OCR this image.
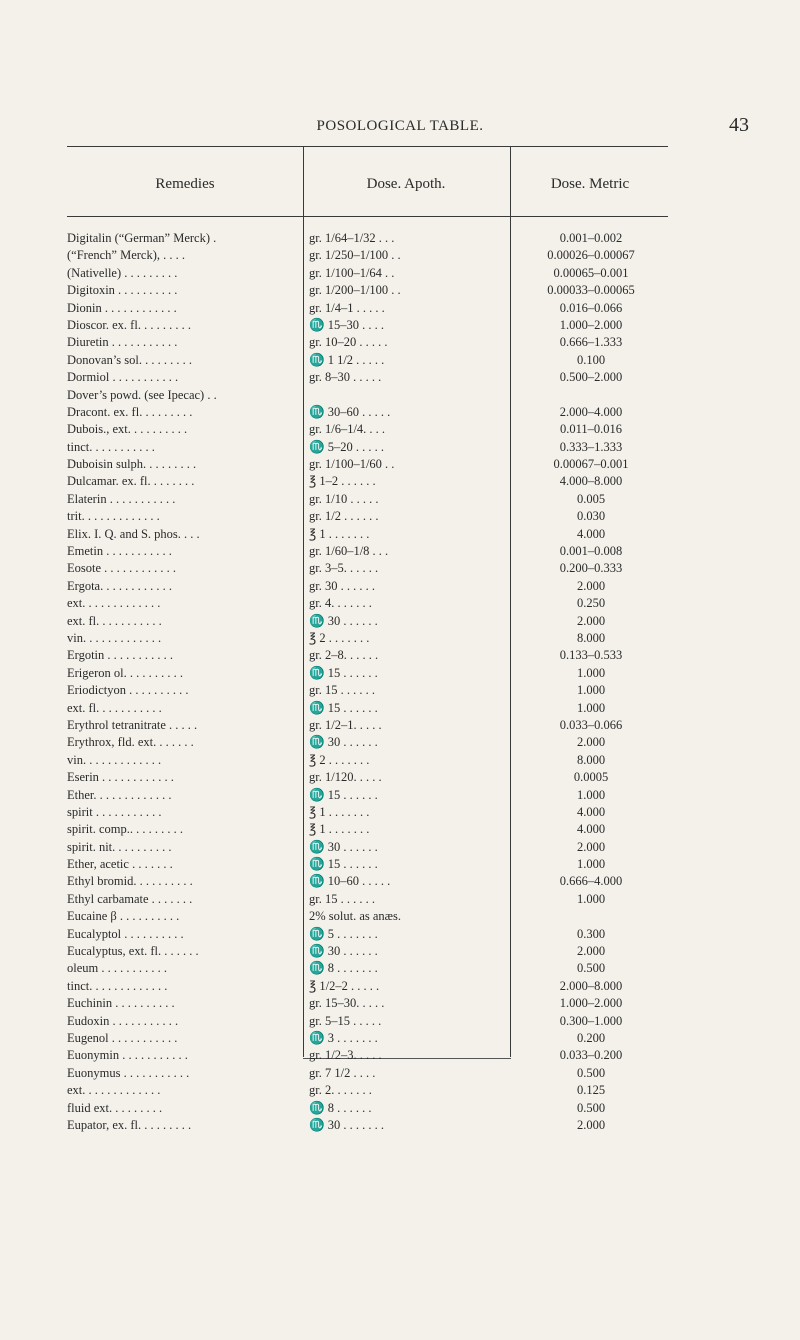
POSOLOGICAL TABLE.	43
Remedies	Dose. Apoth.	Dose. Metric
Digitalin (“German” Merck) .	gr. 1/64–1/32 . . .	0.001–0.002
(“French” Merck), . . . .	gr. 1/250–1/100 . .	0.00026–0.00067
(Nativelle) . . . . . . . . .	gr. 1/100–1/64 . .	0.00065–0.001
Digitoxin . . . . . . . . . .	gr. 1/200–1/100 . .	0.00033–0.00065
Dionin . . . . . . . . . . . .	gr. 1/4–1 . . . . .	0.016–0.066
Dioscor. ex. fl. . . . . . . . .	♏ 15–30 . . . .	1.000–2.000
Diuretin . . . . . . . . . . .	gr. 10–20 . . . . .	0.666–1.333
Donovan’s sol. . . . . . . . .	♏ 1 1/2 . . . . .	0.100
Dormiol . . . . . . . . . . .	gr. 8–30 . . . . .	0.500–2.000
Dover’s powd. (see Ipecac) . .
Dracont. ex. fl. . . . . . . . .	♏ 30–60 . . . . .	2.000–4.000
Dubois., ext. . . . . . . . . .	gr. 1/6–1/4. . . .	0.011–0.016
tinct. . . . . . . . . . .	♏ 5–20 . . . . .	0.333–1.333
Duboisin sulph. . . . . . . . .	gr. 1/100–1/60 . .	0.00067–0.001
Dulcamar. ex. fl. . . . . . . .	℥ 1–2 . . . . . .	4.000–8.000
Elaterin . . . . . . . . . . .	gr. 1/10 . . . . .	0.005
trit. . . . . . . . . . . . .	gr. 1/2 . . . . . .	0.030
Elix. I. Q. and S. phos. . . .	℥ 1 . . . . . . .	4.000
Emetin . . . . . . . . . . .	gr. 1/60–1/8 . . .	0.001–0.008
Eosote . . . . . . . . . . . .	gr. 3–5. . . . . .	0.200–0.333
Ergota. . . . . . . . . . . .	gr. 30 . . . . . .	2.000
ext. . . . . . . . . . . . .	gr. 4. . . . . . .	0.250
ext. fl. . . . . . . . . . .	♏ 30 . . . . . .	2.000
vin. . . . . . . . . . . . .	℥ 2 . . . . . . .	8.000
Ergotin . . . . . . . . . . .	gr. 2–8. . . . . .	0.133–0.533
Erigeron ol. . . . . . . . . .	♏ 15 . . . . . .	1.000
Eriodictyon . . . . . . . . . .	gr. 15 . . . . . .	1.000
ext. fl. . . . . . . . . . .	♏ 15 . . . . . .	1.000
Erythrol tetranitrate . . . . .	gr. 1/2–1. . . . .	0.033–0.066
Erythrox, fld. ext. . . . . . .	♏ 30 . . . . . .	2.000
vin. . . . . . . . . . . . .	℥ 2 . . . . . . .	8.000
Eserin . . . . . . . . . . . .	gr. 1/120. . . . .	0.0005
Ether. . . . . . . . . . . . .	♏ 15 . . . . . .	1.000
spirit . . . . . . . . . . .	℥ 1 . . . . . . .	4.000
spirit. comp.. . . . . . . . .	℥ 1 . . . . . . .	4.000
spirit. nit. . . . . . . . . .	♏ 30 . . . . . .	2.000
Ether, acetic . . . . . . .	♏ 15 . . . . . .	1.000
Ethyl bromid. . . . . . . . . .	♏ 10–60 . . . . .	0.666–4.000
Ethyl carbamate . . . . . . .	gr. 15 . . . . . .	1.000
Eucaine β . . . . . . . . . .	2% solut. as anæs.
Eucalyptol . . . . . . . . . .	♏ 5 . . . . . . .	0.300
Eucalyptus, ext. fl. . . . . . .	♏ 30 . . . . . .	2.000
oleum . . . . . . . . . . .	♏ 8 . . . . . . .	0.500
tinct. . . . . . . . . . . . .	℥ 1/2–2 . . . . .	2.000–8.000
Euchinin . . . . . . . . . .	gr. 15–30. . . . .	1.000–2.000
Eudoxin . . . . . . . . . . .	gr. 5–15 . . . . .	0.300–1.000
Eugenol . . . . . . . . . . .	♏ 3 . . . . . . .	0.200
Euonymin . . . . . . . . . . .	gr. 1/2–3. . . . .	0.033–0.200
Euonymus . . . . . . . . . . .	gr. 7 1/2 . . . .	0.500
ext. . . . . . . . . . . . .	gr. 2. . . . . . .	0.125
fluid ext. . . . . . . . .	♏ 8 . . . . . .	0.500
Eupator, ex. fl. . . . . . . . .	♏ 30 . . . . . . .	2.000
